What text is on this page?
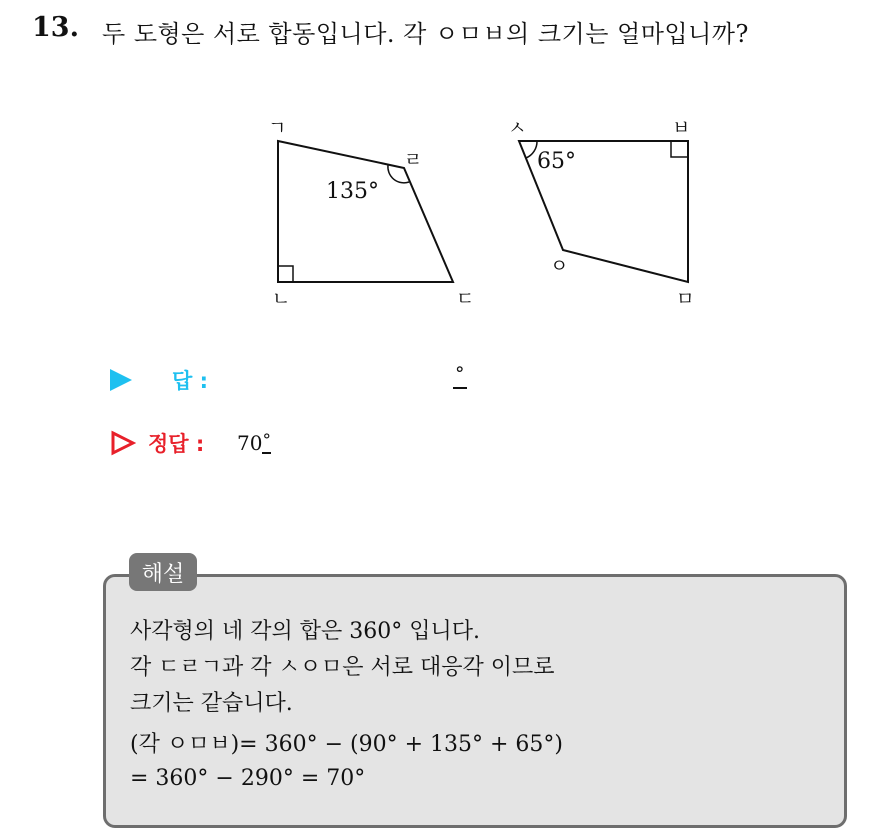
13. 두 도형은 서로 합동입니다. 각 ㅇㅁㅂ의 크기는 얼마입니까?
ㄱ
ㄹ
ㄴ	ㄷ
135°
ㅅ	ㅂ
ㅇ
ㅁ
65°
답 :	°
정답 : 70°
해설
사각형의 네 각의 합은 360° 입니다.
각 ㄷㄹㄱ과 각 ㅅㅇㅁ은 서로 대응각 이므로
크기는 같습니다.
(각 ㅇㅁㅂ)= 360° − (90° + 135° + 65°)
= 360° − 290° = 70°
